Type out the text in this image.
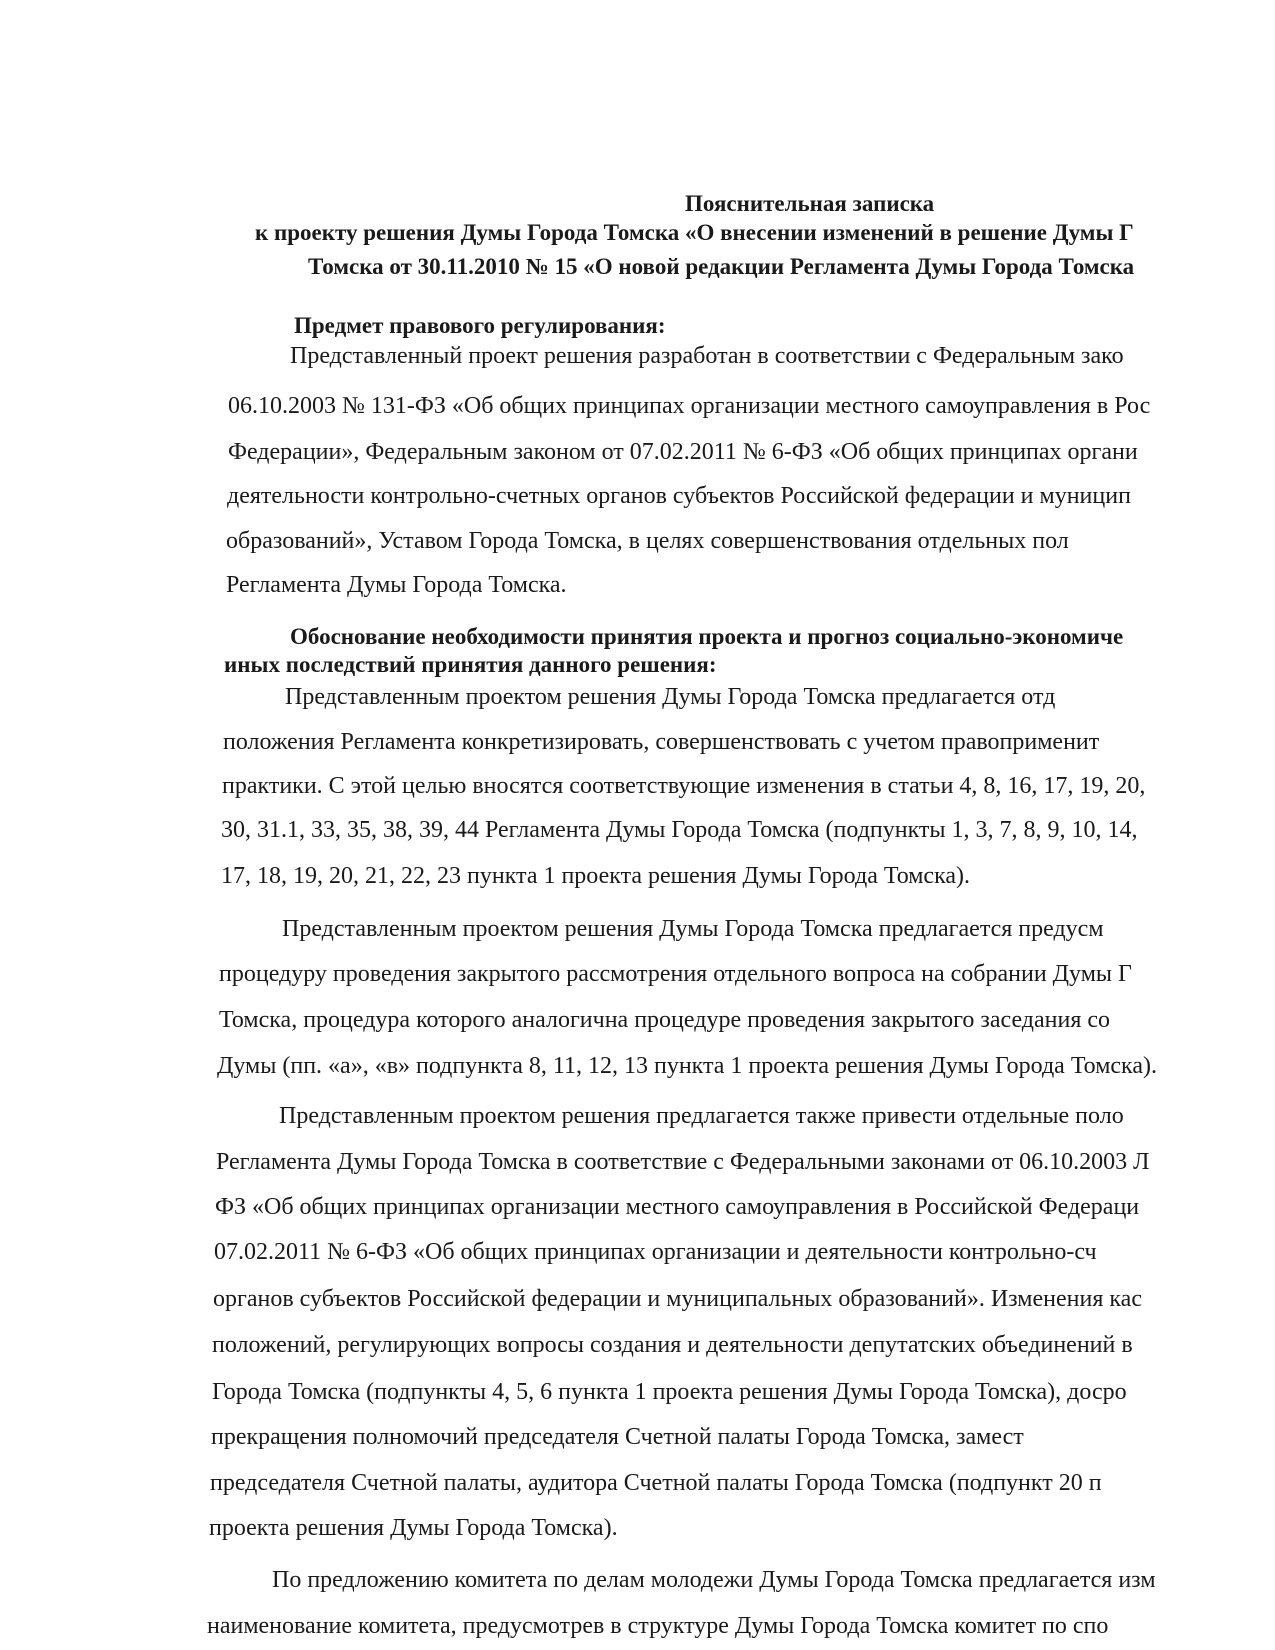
Пояснительная записка
к проекту решения Думы Города Томска «О внесении изменений в решение Думы Г
Томска от 30.11.2010 № 15 «О новой редакции Регламента Думы Города Томска
Предмет правового регулирования:
Представленный проект решения разработан в соответствии с Федеральным зако
06.10.2003 № 131-ФЗ «Об общих принципах организации местного самоуправления в Рос
Федерации», Федеральным законом от 07.02.2011 № 6-ФЗ «Об общих принципах органи
деятельности контрольно-счетных органов субъектов Российской федерации и муницип
образований», Уставом Города Томска, в целях совершенствования отдельных пол
Регламента Думы Города Томска.
Обоснование необходимости принятия проекта и прогноз социально-экономиче
иных последствий принятия данного решения:
Представленным проектом решения Думы Города Томска предлагается отд
положения Регламента конкретизировать, совершенствовать с учетом правоприменит
практики. С этой целью вносятся соответствующие изменения в статьи 4, 8, 16, 17, 19, 20,
30, 31.1, 33, 35, 38, 39, 44 Регламента Думы Города Томска (подпункты 1, 3, 7, 8, 9, 10, 14,
17, 18, 19, 20, 21, 22, 23 пункта 1 проекта решения Думы Города Томска).
Представленным проектом решения Думы Города Томска предлагается предусм
процедуру проведения закрытого рассмотрения отдельного вопроса на собрании Думы Г
Томска, процедура которого аналогична процедуре проведения закрытого заседания со
Думы (пп. «а», «в» подпункта 8, 11, 12, 13 пункта 1 проекта решения Думы Города Томска).
Представленным проектом решения предлагается также привести отдельные поло
Регламента Думы Города Томска в соответствие с Федеральными законами от 06.10.2003 Л
ФЗ «Об общих принципах организации местного самоуправления в Российской Федераци
07.02.2011 № 6-ФЗ «Об общих принципах организации и деятельности контрольно-сч
органов субъектов Российской федерации и муниципальных образований». Изменения кас
положений, регулирующих вопросы создания и деятельности депутатских объединений в
Города Томска (подпункты 4, 5, 6 пункта 1 проекта решения Думы Города Томска), досро
прекращения полномочий председателя Счетной палаты Города Томска, замест
председателя Счетной палаты, аудитора Счетной палаты Города Томска (подпункт 20 п
проекта решения Думы Города Томска).
По предложению комитета по делам молодежи Думы Города Томска предлагается изм
наименование комитета, предусмотрев в структуре Думы Города Томска комитет по спо
